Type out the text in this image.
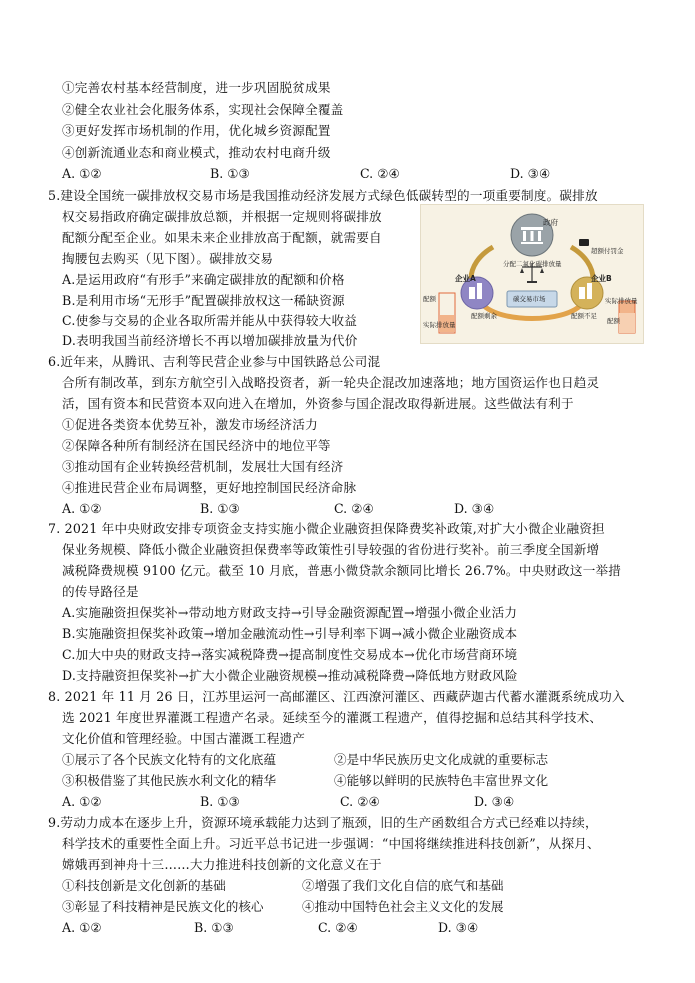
①完善农村基本经营制度，进一步巩固脱贫成果
②健全农业社会化服务体系，实现社会保障全覆盖
③更好发挥市场机制的作用，优化城乡资源配置
④创新流通业态和商业模式，推动农村电商升级
A. ①②	B. ①③	C. ②④	D. ③④
5.建设全国统一碳排放权交易市场是我国推动经济发展方式绿色低碳转型的一项重要制度。碳排放
权交易指政府确定碳排放总额，并根据一定规则将碳排放
配额分配至企业。如果未来企业排放高于配额，就需要自
掏腰包去购买（见下图）。碳排放交易
A.是运用政府“有形手”来确定碳排放的配额和价格
B.是利用市场“无形手”配置碳排放权这一稀缺资源
C.使参与交易的企业各取所需并能从中获得较大收益
D.表明我国当前经济增长不再以增加碳排放量为代价
政府
分配二氧化碳排放量
超额付罚金
企业A	企业B
碳交易市场
配额
实际排放量
配额剩余	配额不足
实际排放量
配额
6.近年来，从腾讯、吉利等民营企业参与中国铁路总公司混
合所有制改革，到东方航空引入战略投资者，新一轮央企混改加速落地；地方国资运作也日趋灵
活，国有资本和民营资本双向进入在增加，外资参与国企混改取得新进展。这些做法有利于
①促进各类资本优势互补，激发市场经济活力
②保障各种所有制经济在国民经济中的地位平等
③推动国有企业转换经营机制，发展壮大国有经济
④推进民营企业布局调整，更好地控制国民经济命脉
A. ①②	B. ①③	C. ②④	D. ③④
7. 2021 年中央财政安排专项资金支持实施小微企业融资担保降费奖补政策,对扩大小微企业融资担
保业务规模、降低小微企业融资担保费率等政策性引导较强的省份进行奖补。前三季度全国新增
减税降费规模 9100 亿元。截至 10 月底，普惠小微贷款余额同比增长 26.7%。中央财政这一举措
的传导路径是
A.实施融资担保奖补→带动地方财政支持→引导金融资源配置→增强小微企业活力
B.实施融资担保奖补政策→增加金融流动性→引导利率下调→减小微企业融资成本
C.加大中央的财政支持→落实减税降费→提高制度性交易成本→优化市场营商环境
D.支持融资担保奖补→扩大小微企业融资规模→推动减税降费→降低地方财政风险
8. 2021 年 11 月 26 日，江苏里运河一高邮灌区、江西潦河灌区、西藏萨迦古代蓄水灌溉系统成功入
选 2021 年度世界灌溉工程遗产名录。延续至今的灌溉工程遗产，值得挖掘和总结其科学技术、
文化价值和管理经验。中国古灌溉工程遗产
①展示了各个民族文化特有的文化底蕴	②是中华民族历史文化成就的重要标志
③积极借鉴了其他民族水利文化的精华	④能够以鲜明的民族特色丰富世界文化
A. ①②	B. ①③	C. ②④	D. ③④
9.劳动力成本在逐步上升，资源环境承载能力达到了瓶颈，旧的生产函数组合方式已经难以持续，
科学技术的重要性全面上升。习近平总书记进一步强调：“中国将继续推进科技创新”，从探月、
嫦娥再到神舟十三……大力推进科技创新的文化意义在于
①科技创新是文化创新的基础	②增强了我们文化自信的底气和基础
③彰显了科技精神是民族文化的核心	④推动中国特色社会主义文化的发展
A. ①②	B. ①③	C. ②④	D. ③④
